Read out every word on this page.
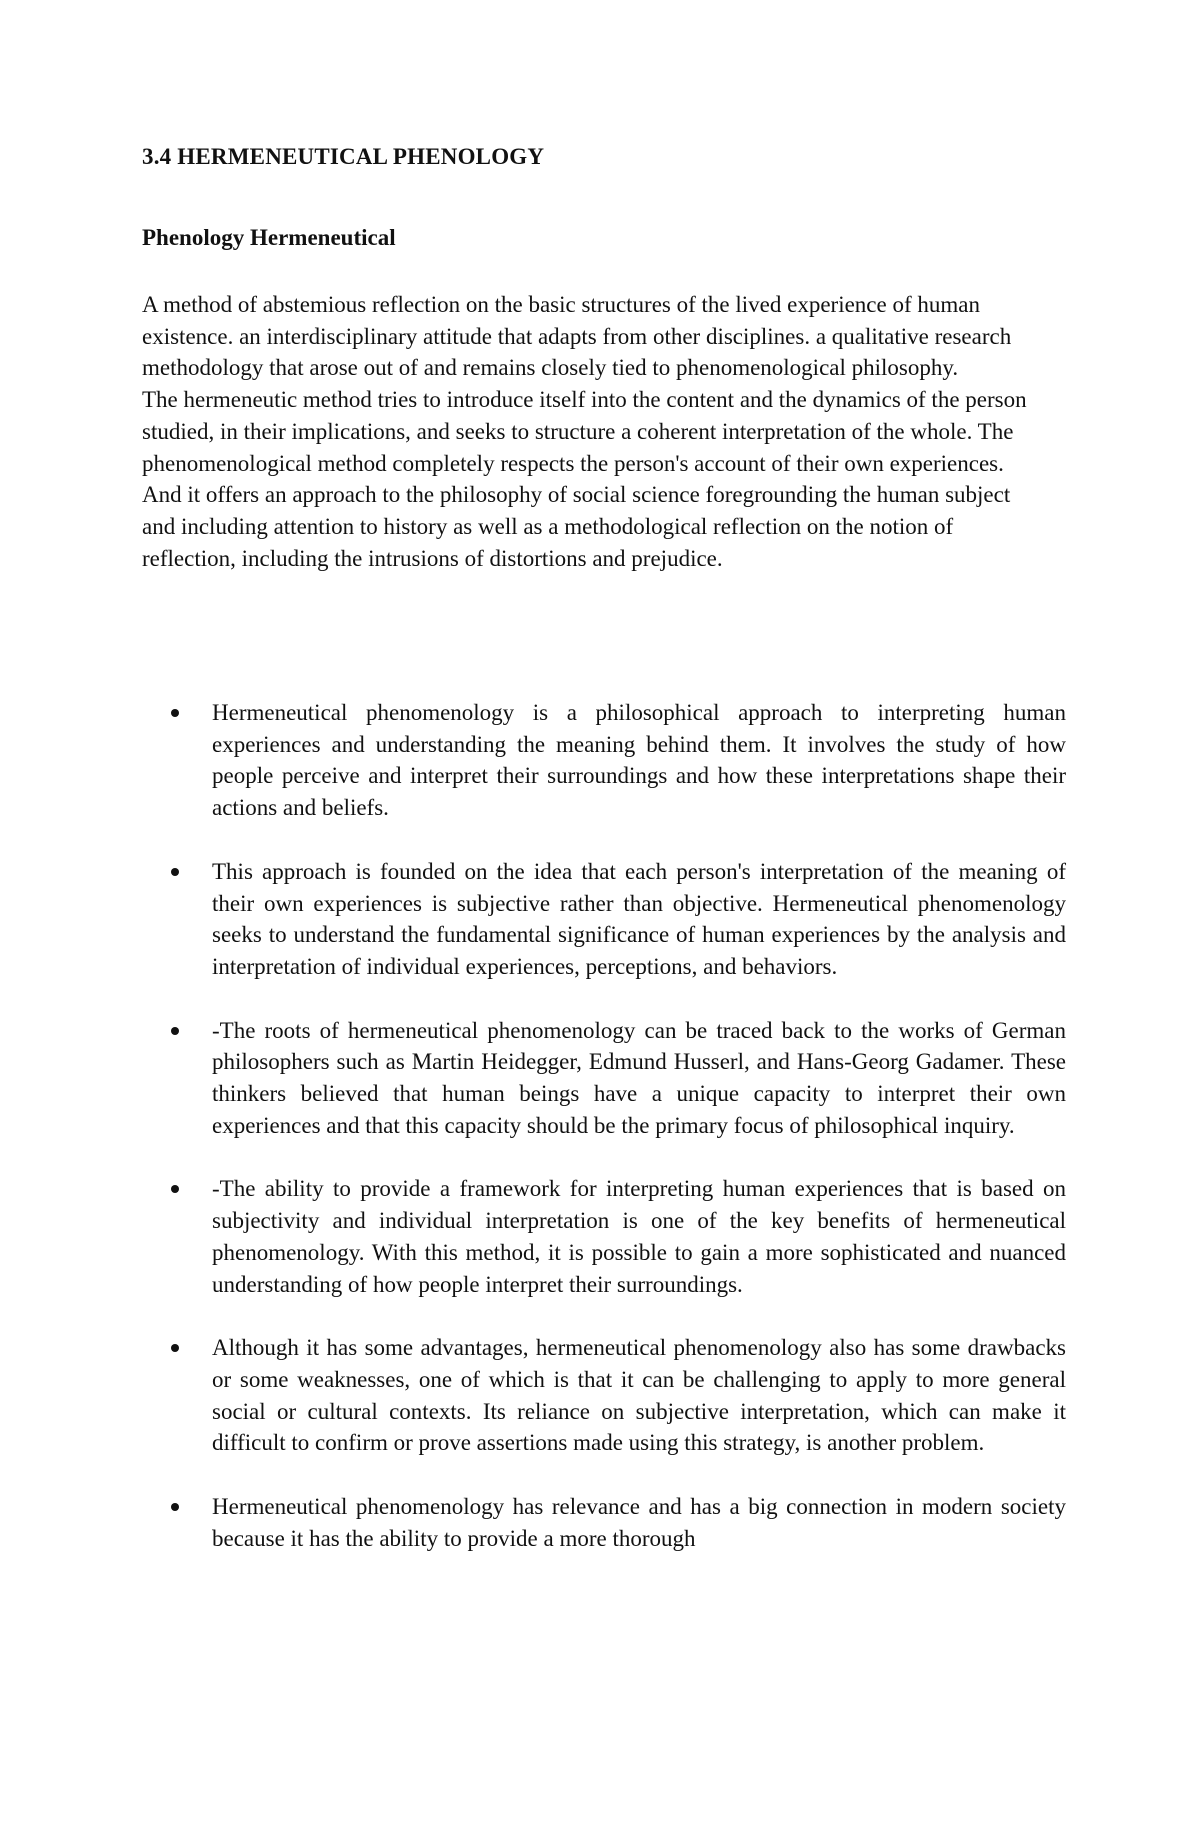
3.4 HERMENEUTICAL PHENOLOGY
Phenology Hermeneutical

A method of abstemious reflection on the basic structures of the lived experience of human existence. an interdisciplinary attitude that adapts from other disciplines. a qualitative research methodology that arose out of and remains closely tied to phenomenological philosophy.

The hermeneutic method tries to introduce itself into the content and the dynamics of the person studied, in their implications, and seeks to structure a coherent interpretation of the whole. The phenomenological method completely respects the person's account of their own experiences.

And it offers an approach to the philosophy of social science foregrounding the human subject and including attention to history as well as a methodological reflection on the notion of reflection, including the intrusions of distortions and prejudice.

Hermeneutical phenomenology is a philosophical approach to interpreting human experiences and understanding the meaning behind them. It involves the study of how people perceive and interpret their surroundings and how these interpretations shape their actions and beliefs.
This approach is founded on the idea that each person's interpretation of the meaning of their own experiences is subjective rather than objective. Hermeneutical phenomenology seeks to understand the fundamental significance of human experiences by the analysis and interpretation of individual experiences, perceptions, and behaviors.
-The roots of hermeneutical phenomenology can be traced back to the works of German philosophers such as Martin Heidegger, Edmund Husserl, and Hans-Georg Gadamer. These thinkers believed that human beings have a unique capacity to interpret their own experiences and that this capacity should be the primary focus of philosophical inquiry.
-The ability to provide a framework for interpreting human experiences that is based on subjectivity and individual interpretation is one of the key benefits of hermeneutical phenomenology. With this method, it is possible to gain a more sophisticated and nuanced understanding of how people interpret their surroundings.
Although it has some advantages, hermeneutical phenomenology also has some drawbacks or some weaknesses, one of which is that it can be challenging to apply to more general social or cultural contexts. Its reliance on subjective interpretation, which can make it difficult to confirm or prove assertions made using this strategy, is another problem.
Hermeneutical phenomenology has relevance and has a big connection in modern society because it has the ability to provide a more thorough
